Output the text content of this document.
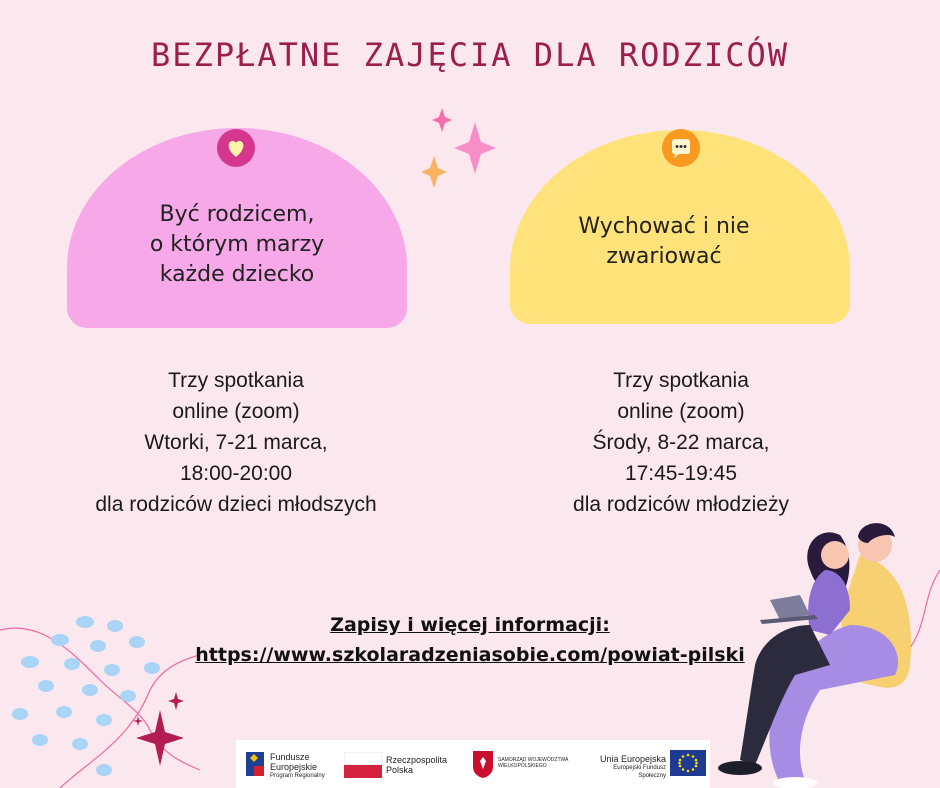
BEZPŁATNE ZAJĘCIA DLA RODZICÓW
Być rodzicem,
o którym marzy
każde dziecko
Wychować i nie
zwariować
Trzy spotkania
online (zoom)
Wtorki, 7-21 marca,
18:00-20:00
dla rodziców dzieci młodszych
Trzy spotkania
online (zoom)
Środy, 8-22 marca,
17:45-19:45
dla rodziców młodzieży
Zapisy i więcej informacji:
https://www.szkolaradzeniasobie.com/powiat-pilski
Fundusze
Europejskie
Program Regionalny
Rzeczpospolita
Polska
SAMORZĄD WOJEWÓDZTWA
WIELKOPOLSKIEGO
Unia Europejska
Europejski Fundusz Społeczny
